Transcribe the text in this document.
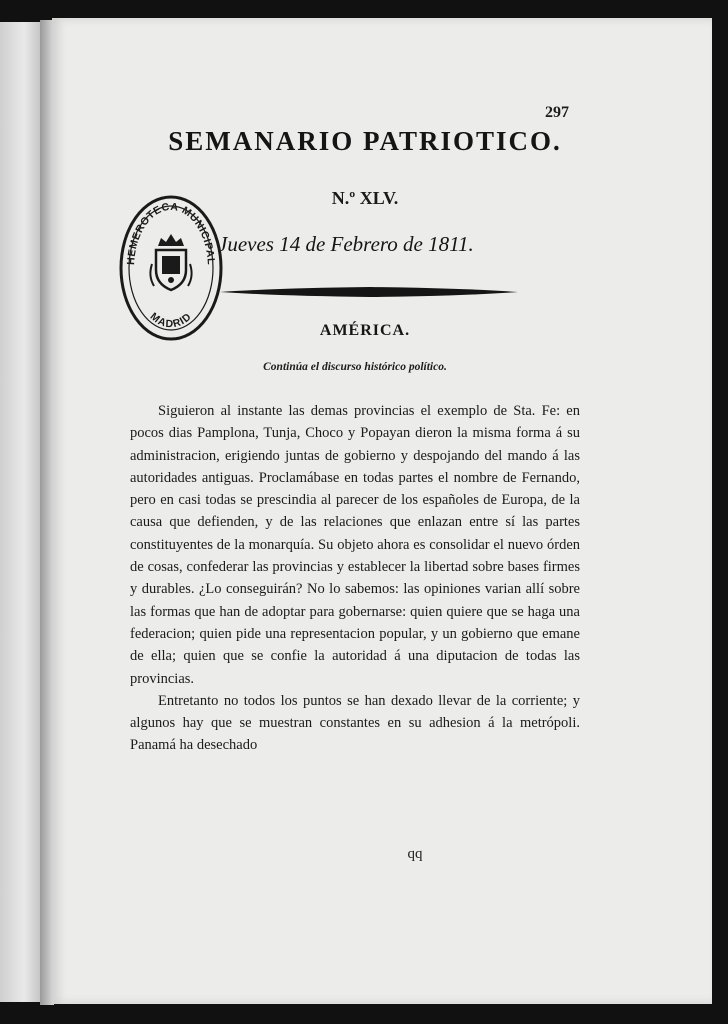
297
SEMANARIO PATRIOTICO.
N.º XLV.
Jueves 14 de Febrero de 1811.
AMÉRICA.
Continúa el discurso histórico político.

Siguieron al instante las demas provincias el exemplo de Sta. Fe: en pocos dias Pamplona, Tunja, Choco y Popayan dieron la misma forma á su administracion, erigiendo juntas de gobierno y despojando del mando á las autoridades antiguas. Proclamábase en todas partes el nombre de Fernando, pero en casi todas se prescindia al parecer de los españoles de Europa, de la causa que defienden, y de las relaciones que enlazan entre sí las partes constituyentes de la monarquía. Su objeto ahora es consolidar el nuevo órden de cosas, confederar las provincias y establecer la libertad sobre bases firmes y durables. ¿Lo conseguirán? No lo sabemos: las opiniones varian allí sobre las formas que han de adoptar para gobernarse: quien quiere que se haga una federacion; quien pide una representacion popular, y un gobierno que emane de ella; quien que se confie la autoridad á una diputacion de todas las provincias.

Entretanto no todos los puntos se han dexado llevar de la corriente; y algunos hay que se muestran constantes en su adhesion á la metrópoli. Panamá ha desechado

qq
HEMEROTECA MUNICIPAL
MADRID
